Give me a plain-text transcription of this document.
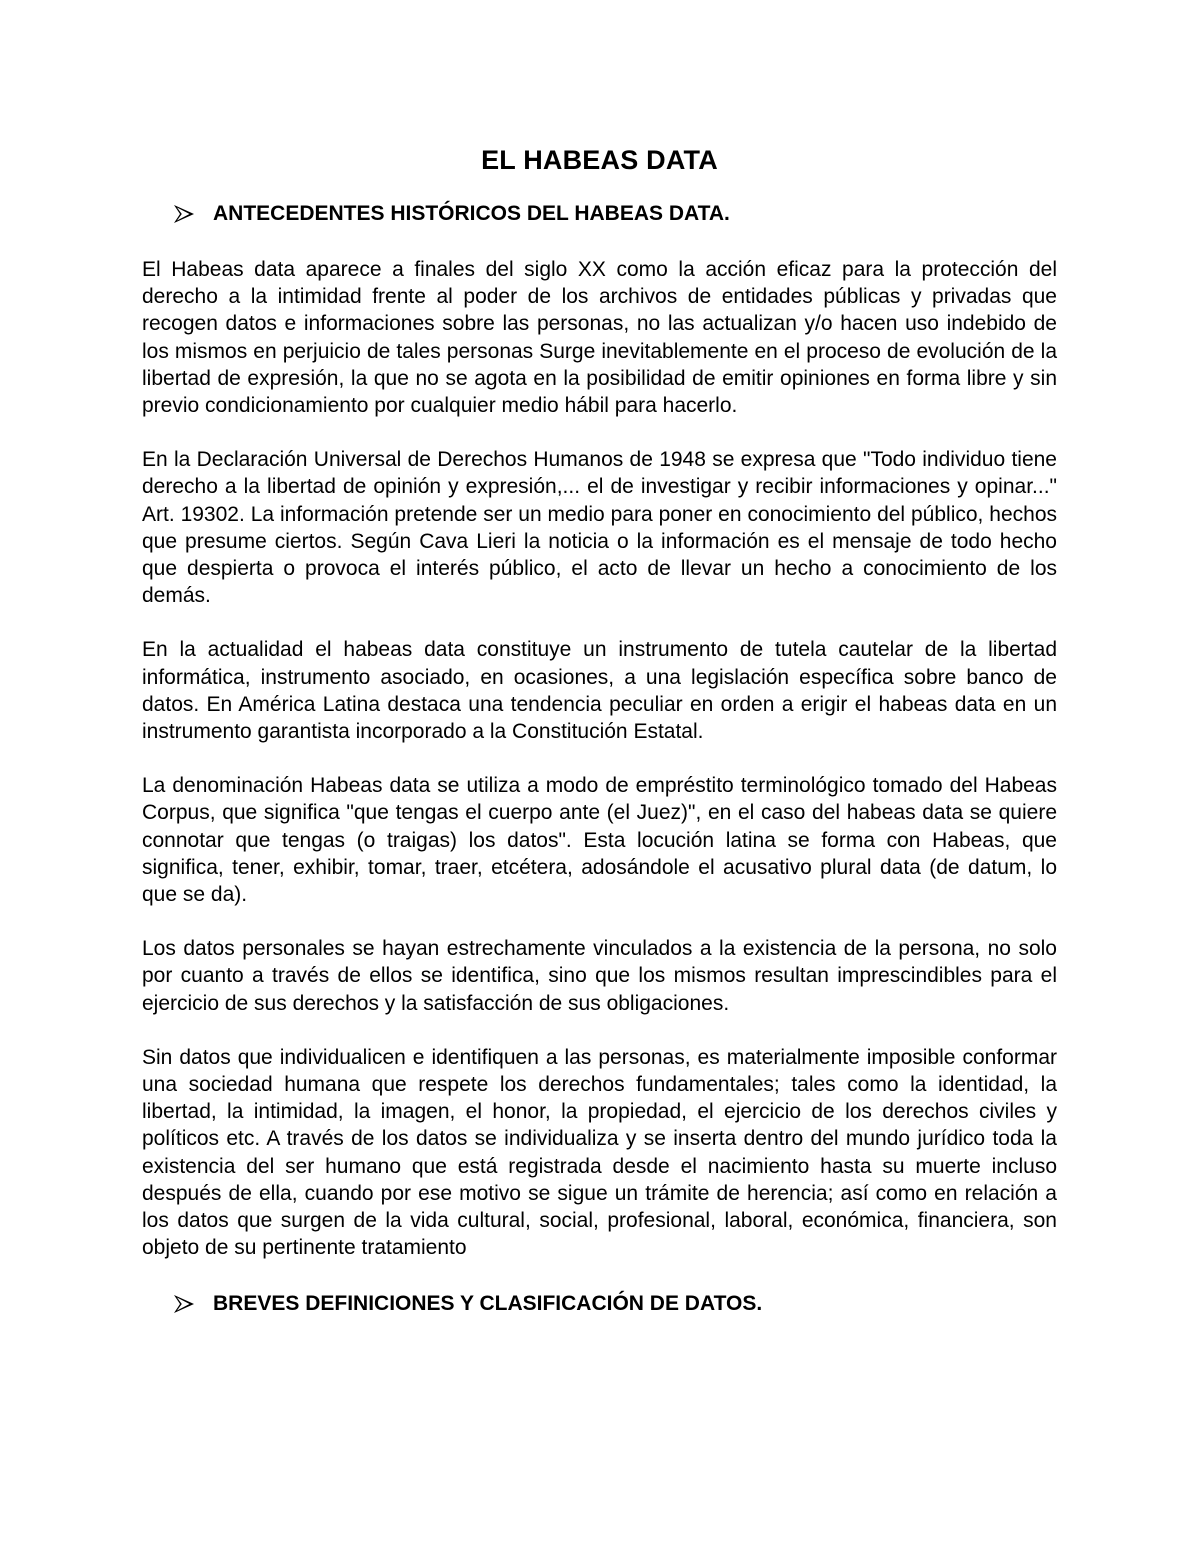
EL HABEAS DATA
ANTECEDENTES HISTÓRICOS DEL HABEAS DATA.

El Habeas data aparece a finales del siglo XX como la acción eficaz para la protección del derecho a la intimidad frente al poder de los archivos de entidades públicas y privadas que recogen datos e informaciones sobre las personas, no las actualizan y/o hacen uso indebido de los mismos en perjuicio de tales personas Surge inevitablemente en el proceso de evolución de la libertad de expresión, la que no se agota en la posibilidad de emitir opiniones en forma libre y sin previo condicionamiento por cualquier medio hábil para hacerlo.

En la Declaración Universal de Derechos Humanos de 1948 se expresa que "Todo individuo tiene derecho a la libertad de opinión y expresión,... el de investigar y recibir informaciones y opinar..." Art. 19302. La información pretende ser un medio para poner en conocimiento del público, hechos que presume ciertos. Según Cava Lieri la noticia o la información es el mensaje de todo hecho que despierta o provoca el interés público, el acto de llevar un hecho a conocimiento de los demás.

En la actualidad el habeas data constituye un instrumento de tutela cautelar de la libertad informática, instrumento asociado, en ocasiones, a una legislación específica sobre banco de datos. En América Latina destaca una tendencia peculiar en orden a erigir el habeas data en un instrumento garantista incorporado a la Constitución Estatal.

La denominación Habeas data se utiliza a modo de empréstito terminológico tomado del Habeas Corpus, que significa "que tengas el cuerpo ante (el Juez)", en el caso del habeas data se quiere connotar que tengas (o traigas) los datos". Esta locución latina se forma con Habeas, que significa, tener, exhibir, tomar, traer, etcétera, adosándole el acusativo plural data (de datum, lo que se da).

Los datos personales se hayan estrechamente vinculados a la existencia de la persona, no solo por cuanto a través de ellos se identifica, sino que los mismos resultan imprescindibles para el ejercicio de sus derechos y la satisfacción de sus obligaciones.

Sin datos que individualicen e identifiquen a las personas, es materialmente imposible conformar una sociedad humana que respete los derechos fundamentales; tales como la identidad, la libertad, la intimidad, la imagen, el honor, la propiedad, el ejercicio de los derechos civiles y políticos etc. A través de los datos se individualiza y se inserta dentro del mundo jurídico toda la existencia del ser humano que está registrada desde el nacimiento hasta su muerte incluso después de ella, cuando por ese motivo se sigue un trámite de herencia; así como en relación a los datos que surgen de la vida cultural, social, profesional, laboral, económica, financiera, son objeto de su pertinente tratamiento

BREVES DEFINICIONES Y CLASIFICACIÓN DE DATOS.
